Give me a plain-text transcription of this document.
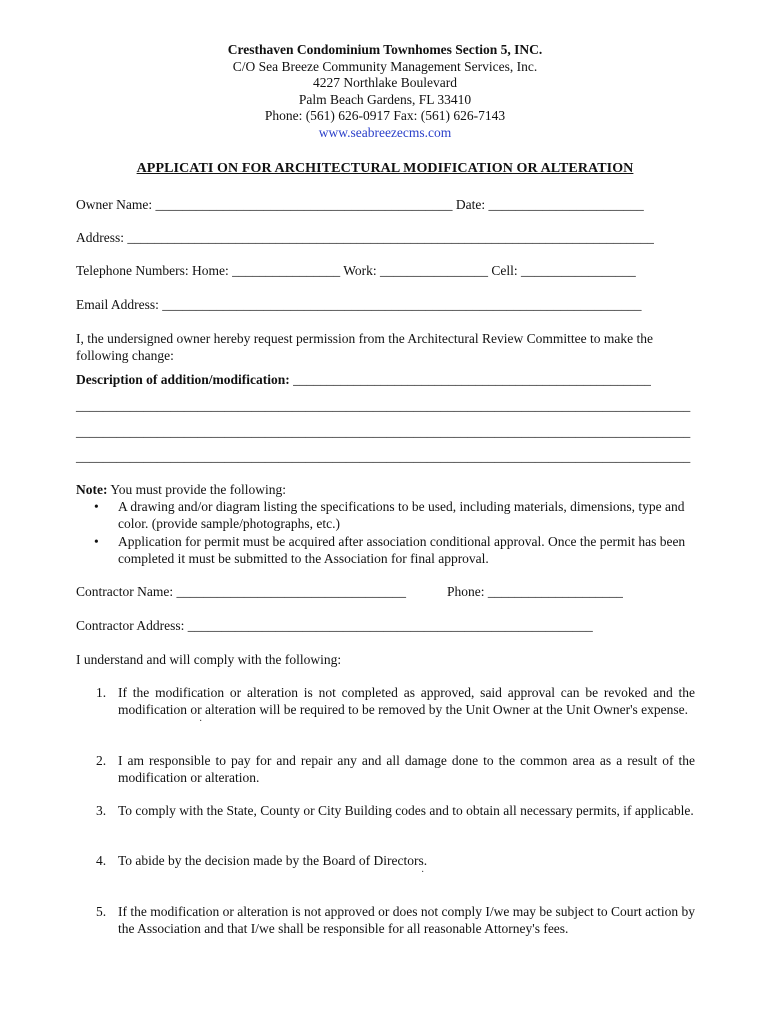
Cresthaven Condominium Townhomes Section 5, INC.
C/O Sea Breeze Community Management Services, Inc.
4227 Northlake Boulevard
Palm Beach Gardens, FL 33410
Phone: (561) 626-0917 Fax: (561) 626-7143
www.seabreezecms.com
APPLICATI ON FOR ARCHITECTURAL MODIFICATION OR ALTERATION
Owner Name: ____________________________________________ Date: _______________________
Address: ______________________________________________________________________________
Telephone Numbers: Home: ________________ Work: ________________ Cell: _________________
Email Address: _______________________________________________________________________
I, the undersigned owner hereby request permission from the Architectural Review Committee to make the following change:
Description of addition/modification: _____________________________________________________
___________________________________________________________________________________________
___________________________________________________________________________________________
___________________________________________________________________________________________
Note: You must provide the following:
• A drawing and/or diagram listing the specifications to be used, including materials, dimensions, type and color. (provide sample/photographs, etc.)
• Application for permit must be acquired after association conditional approval. Once the permit has been completed it must be submitted to the Association for final approval.
Contractor Name: __________________________________	Phone: ____________________
Contractor Address: ____________________________________________________________
I understand and will comply with the following:
1. If the modification or alteration is not completed as approved, said approval can be revoked and the modification or alteration will be required to be removed by the Unit Owner at the Unit Owner's expense.
2. I am responsible to pay for and repair any and all damage done to the common area as a result of the modification or alteration.
3. To comply with the State, County or City Building codes and to obtain all necessary permits, if applicable.
4. To abide by the decision made by the Board of Directors.
5. If the modification or alteration is not approved or does not comply I/we may be subject to Court action by the Association and that I/we shall be responsible for all reasonable Attorney's fees.
·
·
